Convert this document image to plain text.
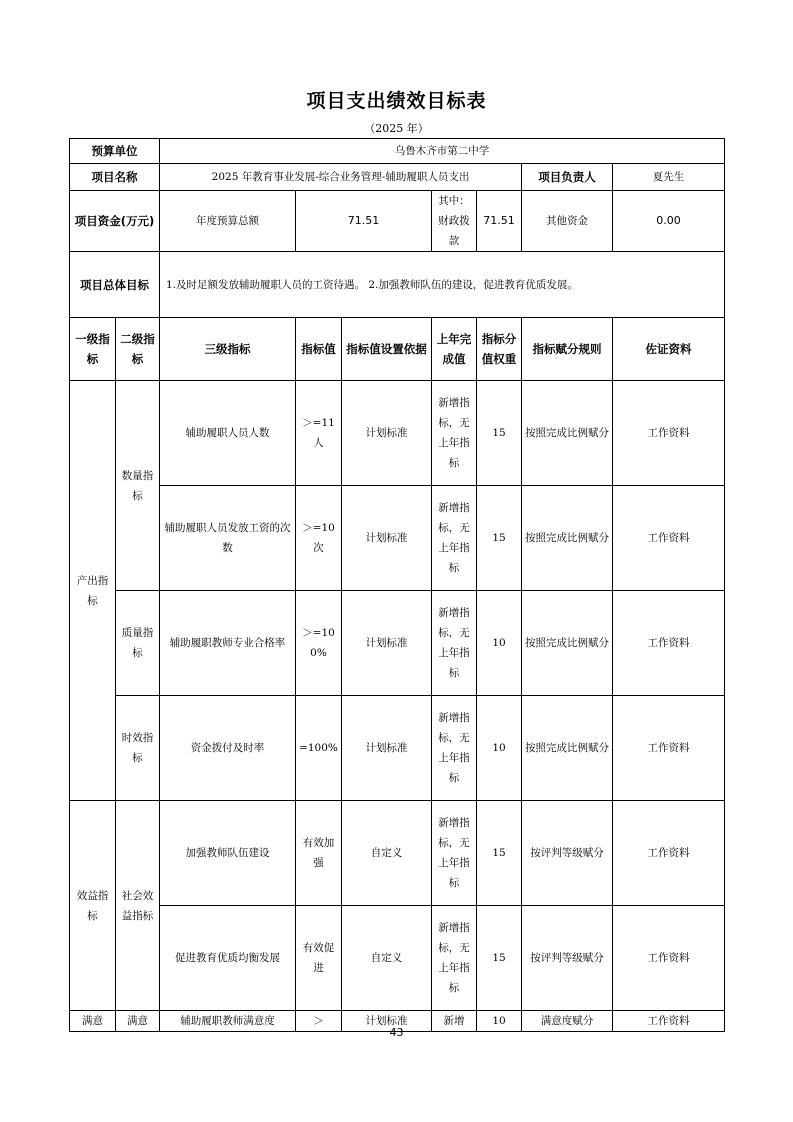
项目支出绩效目标表
（2025 年）
预算单位		乌鲁木齐市第二中学						
项目名称		2025 年教育事业发展-综合业务管理-辅助履职人员支出					项目负责人	夏先生
项目资金(万元)		年度预算总额	71.51		其中：财政拨款	71.51	其他资金	0.00
项目总体目标		1.及时足额发放辅助履职人员的工资待遇。 2.加强教师队伍的建设，促进教育优质发展。						
一级指标	二级指标	三级指标	指标值	指标值设置依据	上年完成值	指标分值权重	指标赋分规则	佐证资料
产出指标	数量指标	辅助履职人员人数	＞=11人	计划标准	新增指标，无上年指标	15	按照完成比例赋分	工作资料
		辅助履职人员发放工资的次数	＞=10次	计划标准	新增指标，无上年指标	15	按照完成比例赋分	工作资料
	质量指标	辅助履职教师专业合格率	＞=100%	计划标准	新增指标，无上年指标	10	按照完成比例赋分	工作资料
	时效指标	资金拨付及时率	=100%	计划标准	新增指标，无上年指标	10	按照完成比例赋分	工作资料
效益指标	社会效益指标	加强教师队伍建设	有效加强	自定义	新增指标，无上年指标	15	按评判等级赋分	工作资料
		促进教育优质均衡发展	有效促进	自定义	新增指标，无上年指标	15	按评判等级赋分	工作资料
满意	满意	辅助履职教师满意度	＞	计划标准	新增	10	满意度赋分	工作资料
43
